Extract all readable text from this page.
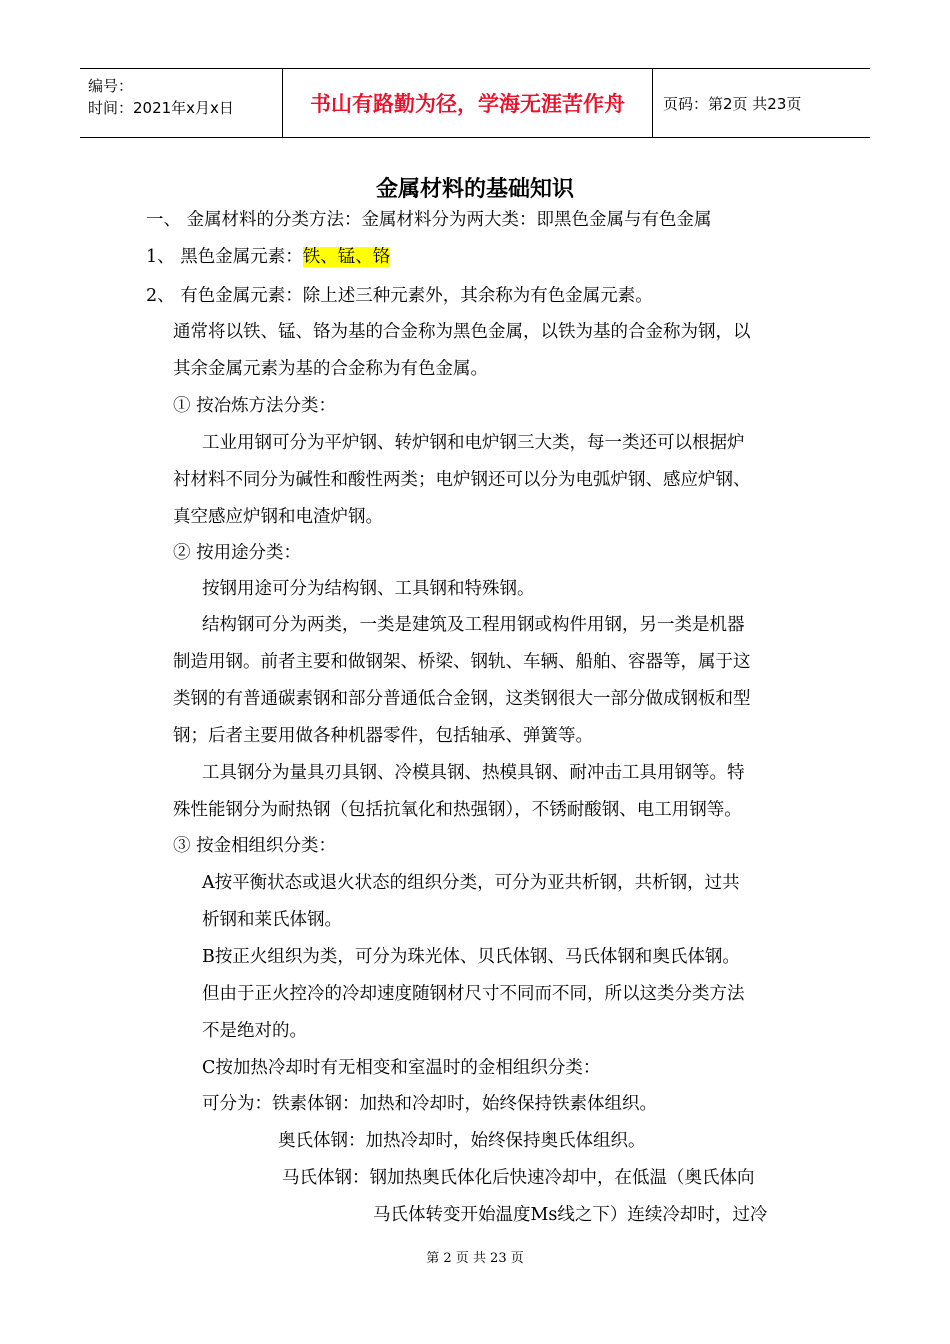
编号：
时间：2021年x月x日	书山有路勤为径，学海无涯苦作舟	页码：第2页 共23页
金属材料的基础知识
一、 金属材料的分类方法：金属材料分为两大类：即黑色金属与有色金属
1、 黑色金属元素：铁、锰、铬
2、 有色金属元素：除上述三种元素外，其余称为有色金属元素。
通常将以铁、锰、铬为基的合金称为黑色金属，以铁为基的合金称为钢，以
其余金属元素为基的合金称为有色金属。
① 按冶炼方法分类：
工业用钢可分为平炉钢、转炉钢和电炉钢三大类，每一类还可以根据炉
衬材料不同分为碱性和酸性两类；电炉钢还可以分为电弧炉钢、感应炉钢、
真空感应炉钢和电渣炉钢。
② 按用途分类：
按钢用途可分为结构钢、工具钢和特殊钢。
结构钢可分为两类，一类是建筑及工程用钢或构件用钢，另一类是机器
制造用钢。前者主要和做钢架、桥梁、钢轨、车辆、船舶、容器等，属于这
类钢的有普通碳素钢和部分普通低合金钢，这类钢很大一部分做成钢板和型
钢；后者主要用做各种机器零件，包括轴承、弹簧等。
工具钢分为量具刃具钢、冷模具钢、热模具钢、耐冲击工具用钢等。特
殊性能钢分为耐热钢（包括抗氧化和热强钢），不锈耐酸钢、电工用钢等。
③ 按金相组织分类：
A按平衡状态或退火状态的组织分类，可分为亚共析钢，共析钢，过共
析钢和莱氏体钢。
B按正火组织为类，可分为珠光体、贝氏体钢、马氏体钢和奥氏体钢。
但由于正火控冷的冷却速度随钢材尺寸不同而不同，所以这类分类方法
不是绝对的。
C按加热冷却时有无相变和室温时的金相组织分类：
可分为：铁素体钢：加热和冷却时，始终保持铁素体组织。
奥氏体钢：加热冷却时，始终保持奥氏体组织。
马氏体钢：钢加热奥氏体化后快速冷却中，在低温（奥氏体向
马氏体转变开始温度Ms线之下）连续冷却时，过冷
第 2 页 共 23 页
